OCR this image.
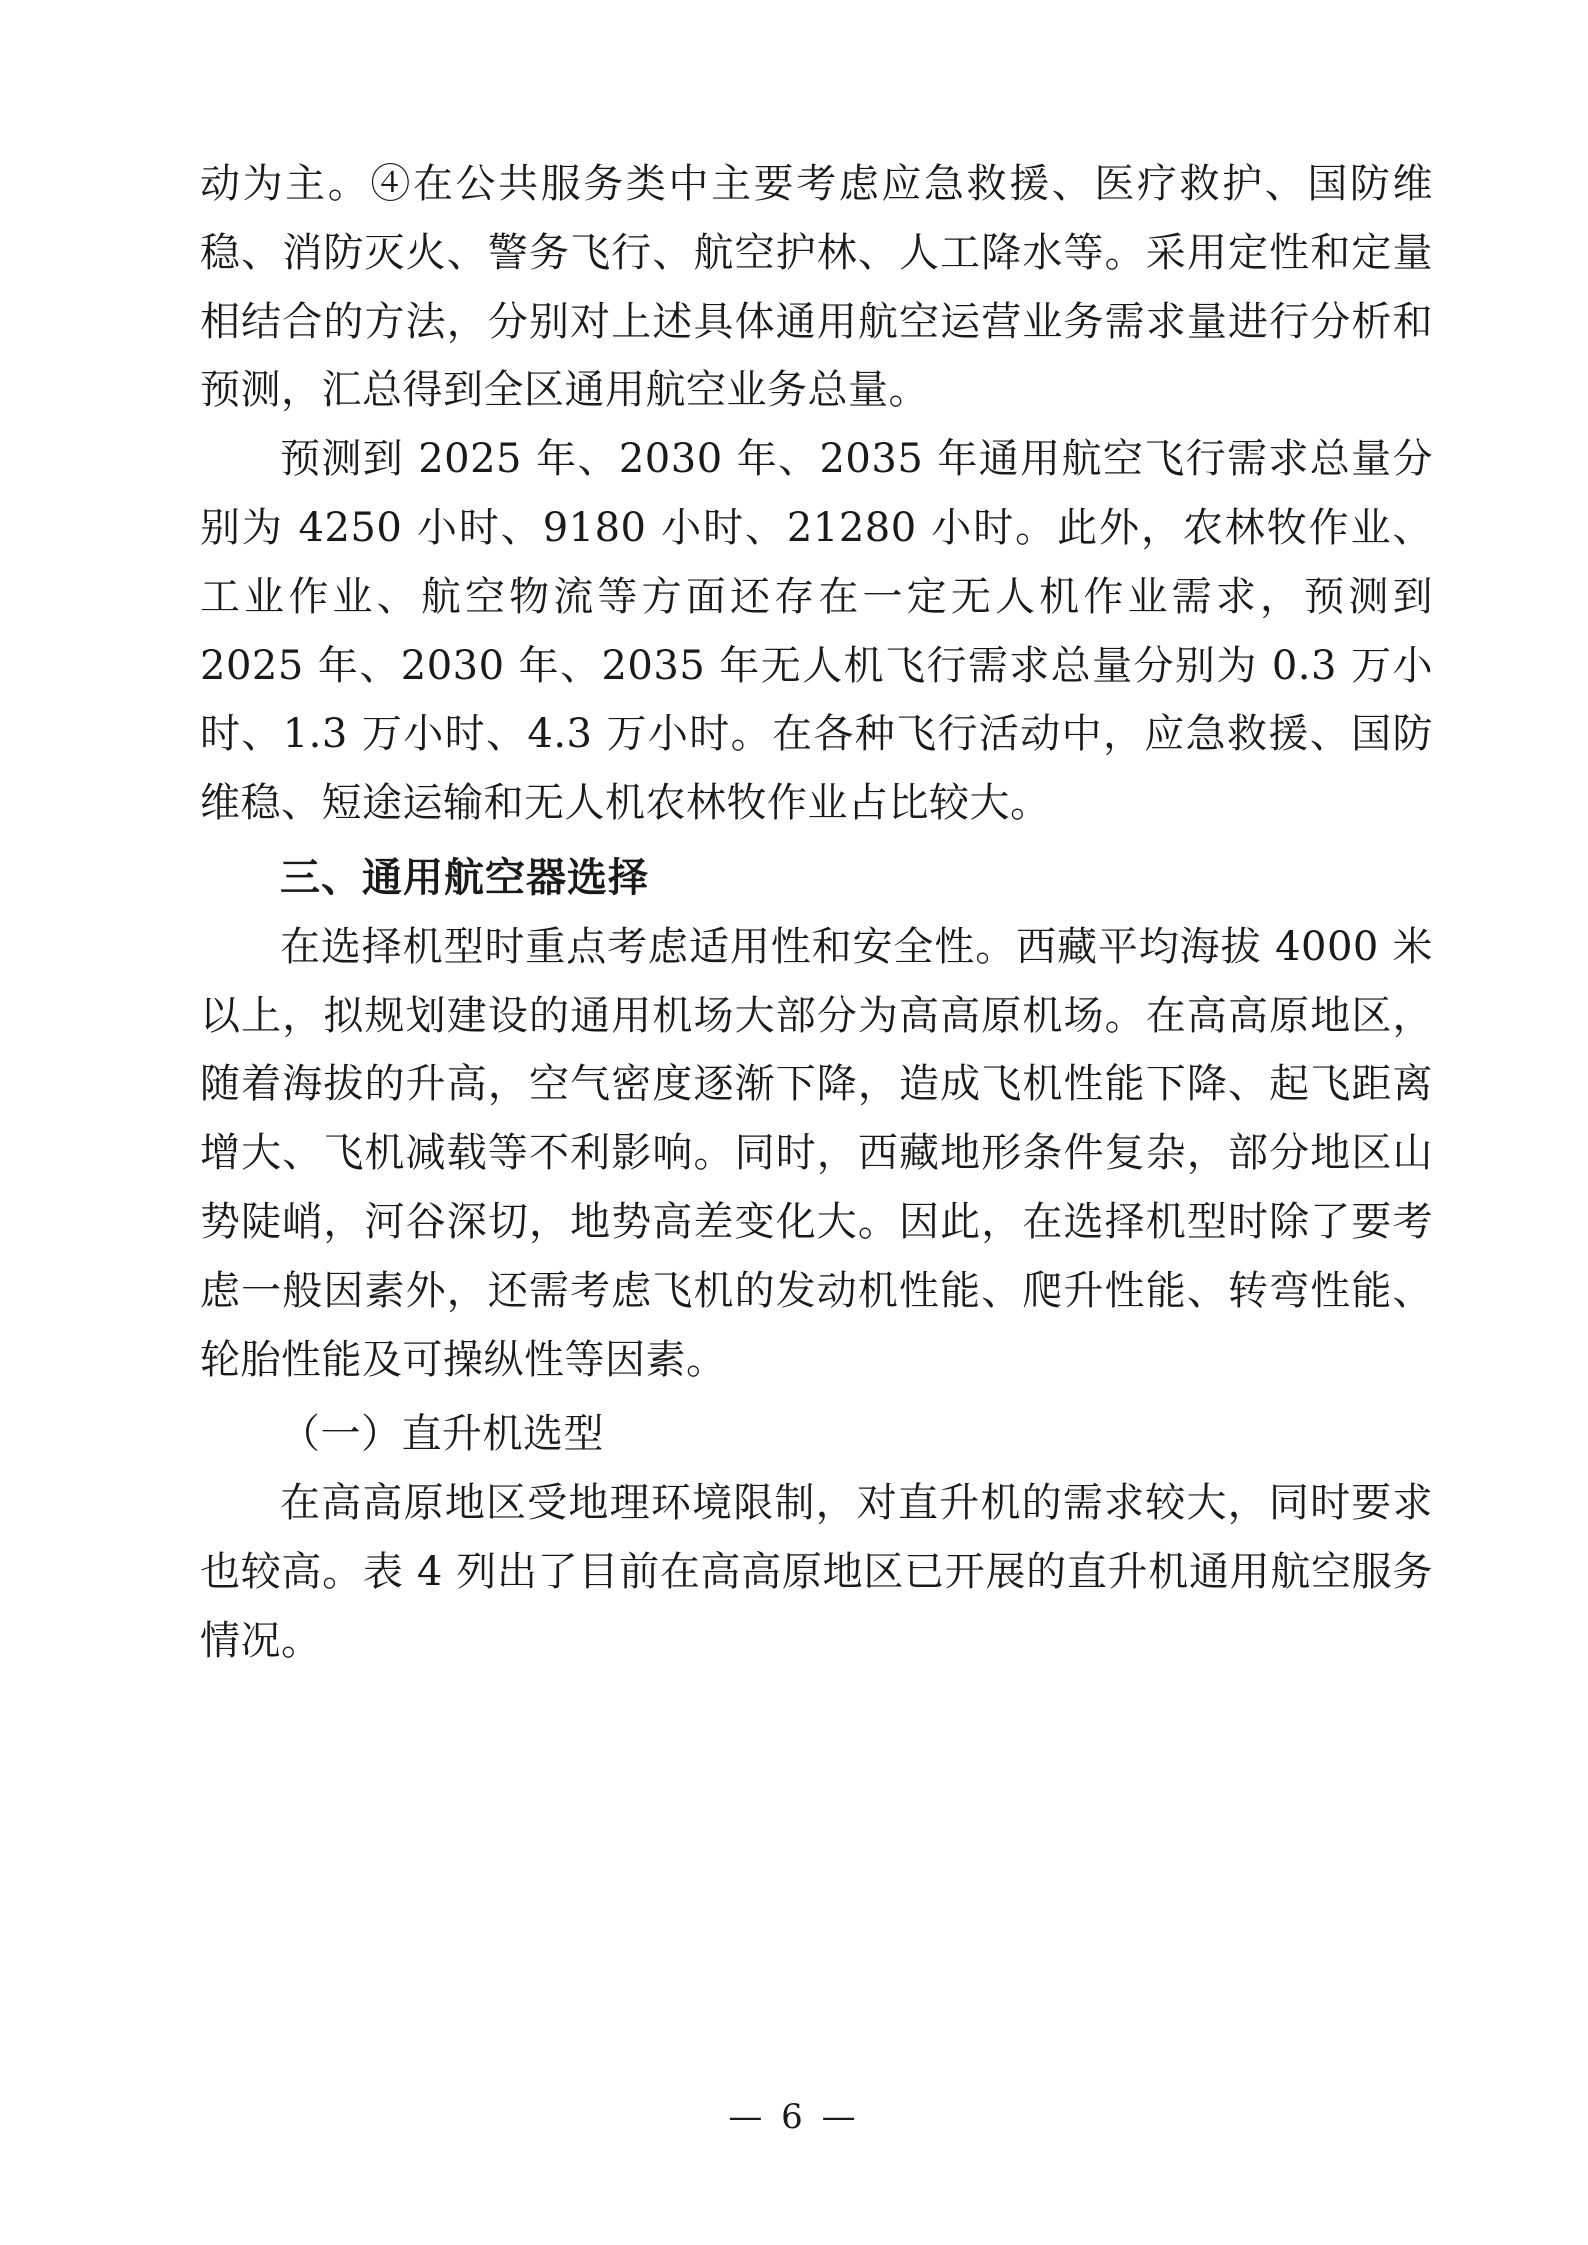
动为主。④在公共服务类中主要考虑应急救援、医疗救护、国防维稳、消防灭火、警务飞行、航空护林、人工降水等。采用定性和定量相结合的方法，分别对上述具体通用航空运营业务需求量进行分析和预测，汇总得到全区通用航空业务总量。

预测到 2025 年、2030 年、2035 年通用航空飞行需求总量分别为 4250 小时、9180 小时、21280 小时。此外，农林牧作业、工业作业、航空物流等方面还存在一定无人机作业需求，预测到 2025 年、2030 年、2035 年无人机飞行需求总量分别为 0.3 万小时、1.3 万小时、4.3 万小时。在各种飞行活动中，应急救援、国防维稳、短途运输和无人机农林牧作业占比较大。

三、通用航空器选择

在选择机型时重点考虑适用性和安全性。西藏平均海拔 4000 米以上，拟规划建设的通用机场大部分为高高原机场。在高高原地区，随着海拔的升高，空气密度逐渐下降，造成飞机性能下降、起飞距离增大、飞机减载等不利影响。同时，西藏地形条件复杂，部分地区山势陡峭，河谷深切，地势高差变化大。因此，在选择机型时除了要考虑一般因素外，还需考虑飞机的发动机性能、爬升性能、转弯性能、轮胎性能及可操纵性等因素。

（一）直升机选型

在高高原地区受地理环境限制，对直升机的需求较大，同时要求也较高。表 4 列出了目前在高高原地区已开展的直升机通用航空服务情况。

— 6 —
